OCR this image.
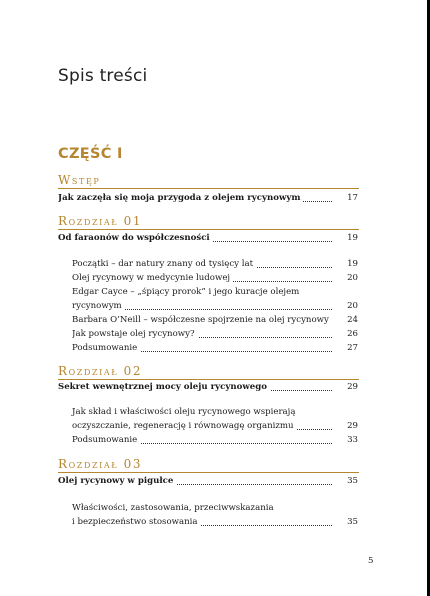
Spis treści
CZĘŚĆ I
Wstęp
Jak zaczęła się moja przygoda z olejem rycynowym	17
Rozdział 01
Od faraonów do współczesności	19
Początki – dar natury znany od tysięcy lat	19
Olej rycynowy w medycynie ludowej	20
Edgar Cayce – „śpiący prorok” i jego kuracje olejem
rycynowym	20
Barbara O’Neill – współczesne spojrzenie na olej rycynowy	24
Jak powstaje olej rycynowy?	26
Podsumowanie	27
Rozdział 02
Sekret wewnętrznej mocy oleju rycynowego	29
Jak skład i właściwości oleju rycynowego wspierają
oczyszczanie, regenerację i równowagę organizmu	29
Podsumowanie	33
Rozdział 03
Olej rycynowy w pigułce	35
Właściwości, zastosowania, przeciwwskazania
i bezpieczeństwo stosowania	35
5
